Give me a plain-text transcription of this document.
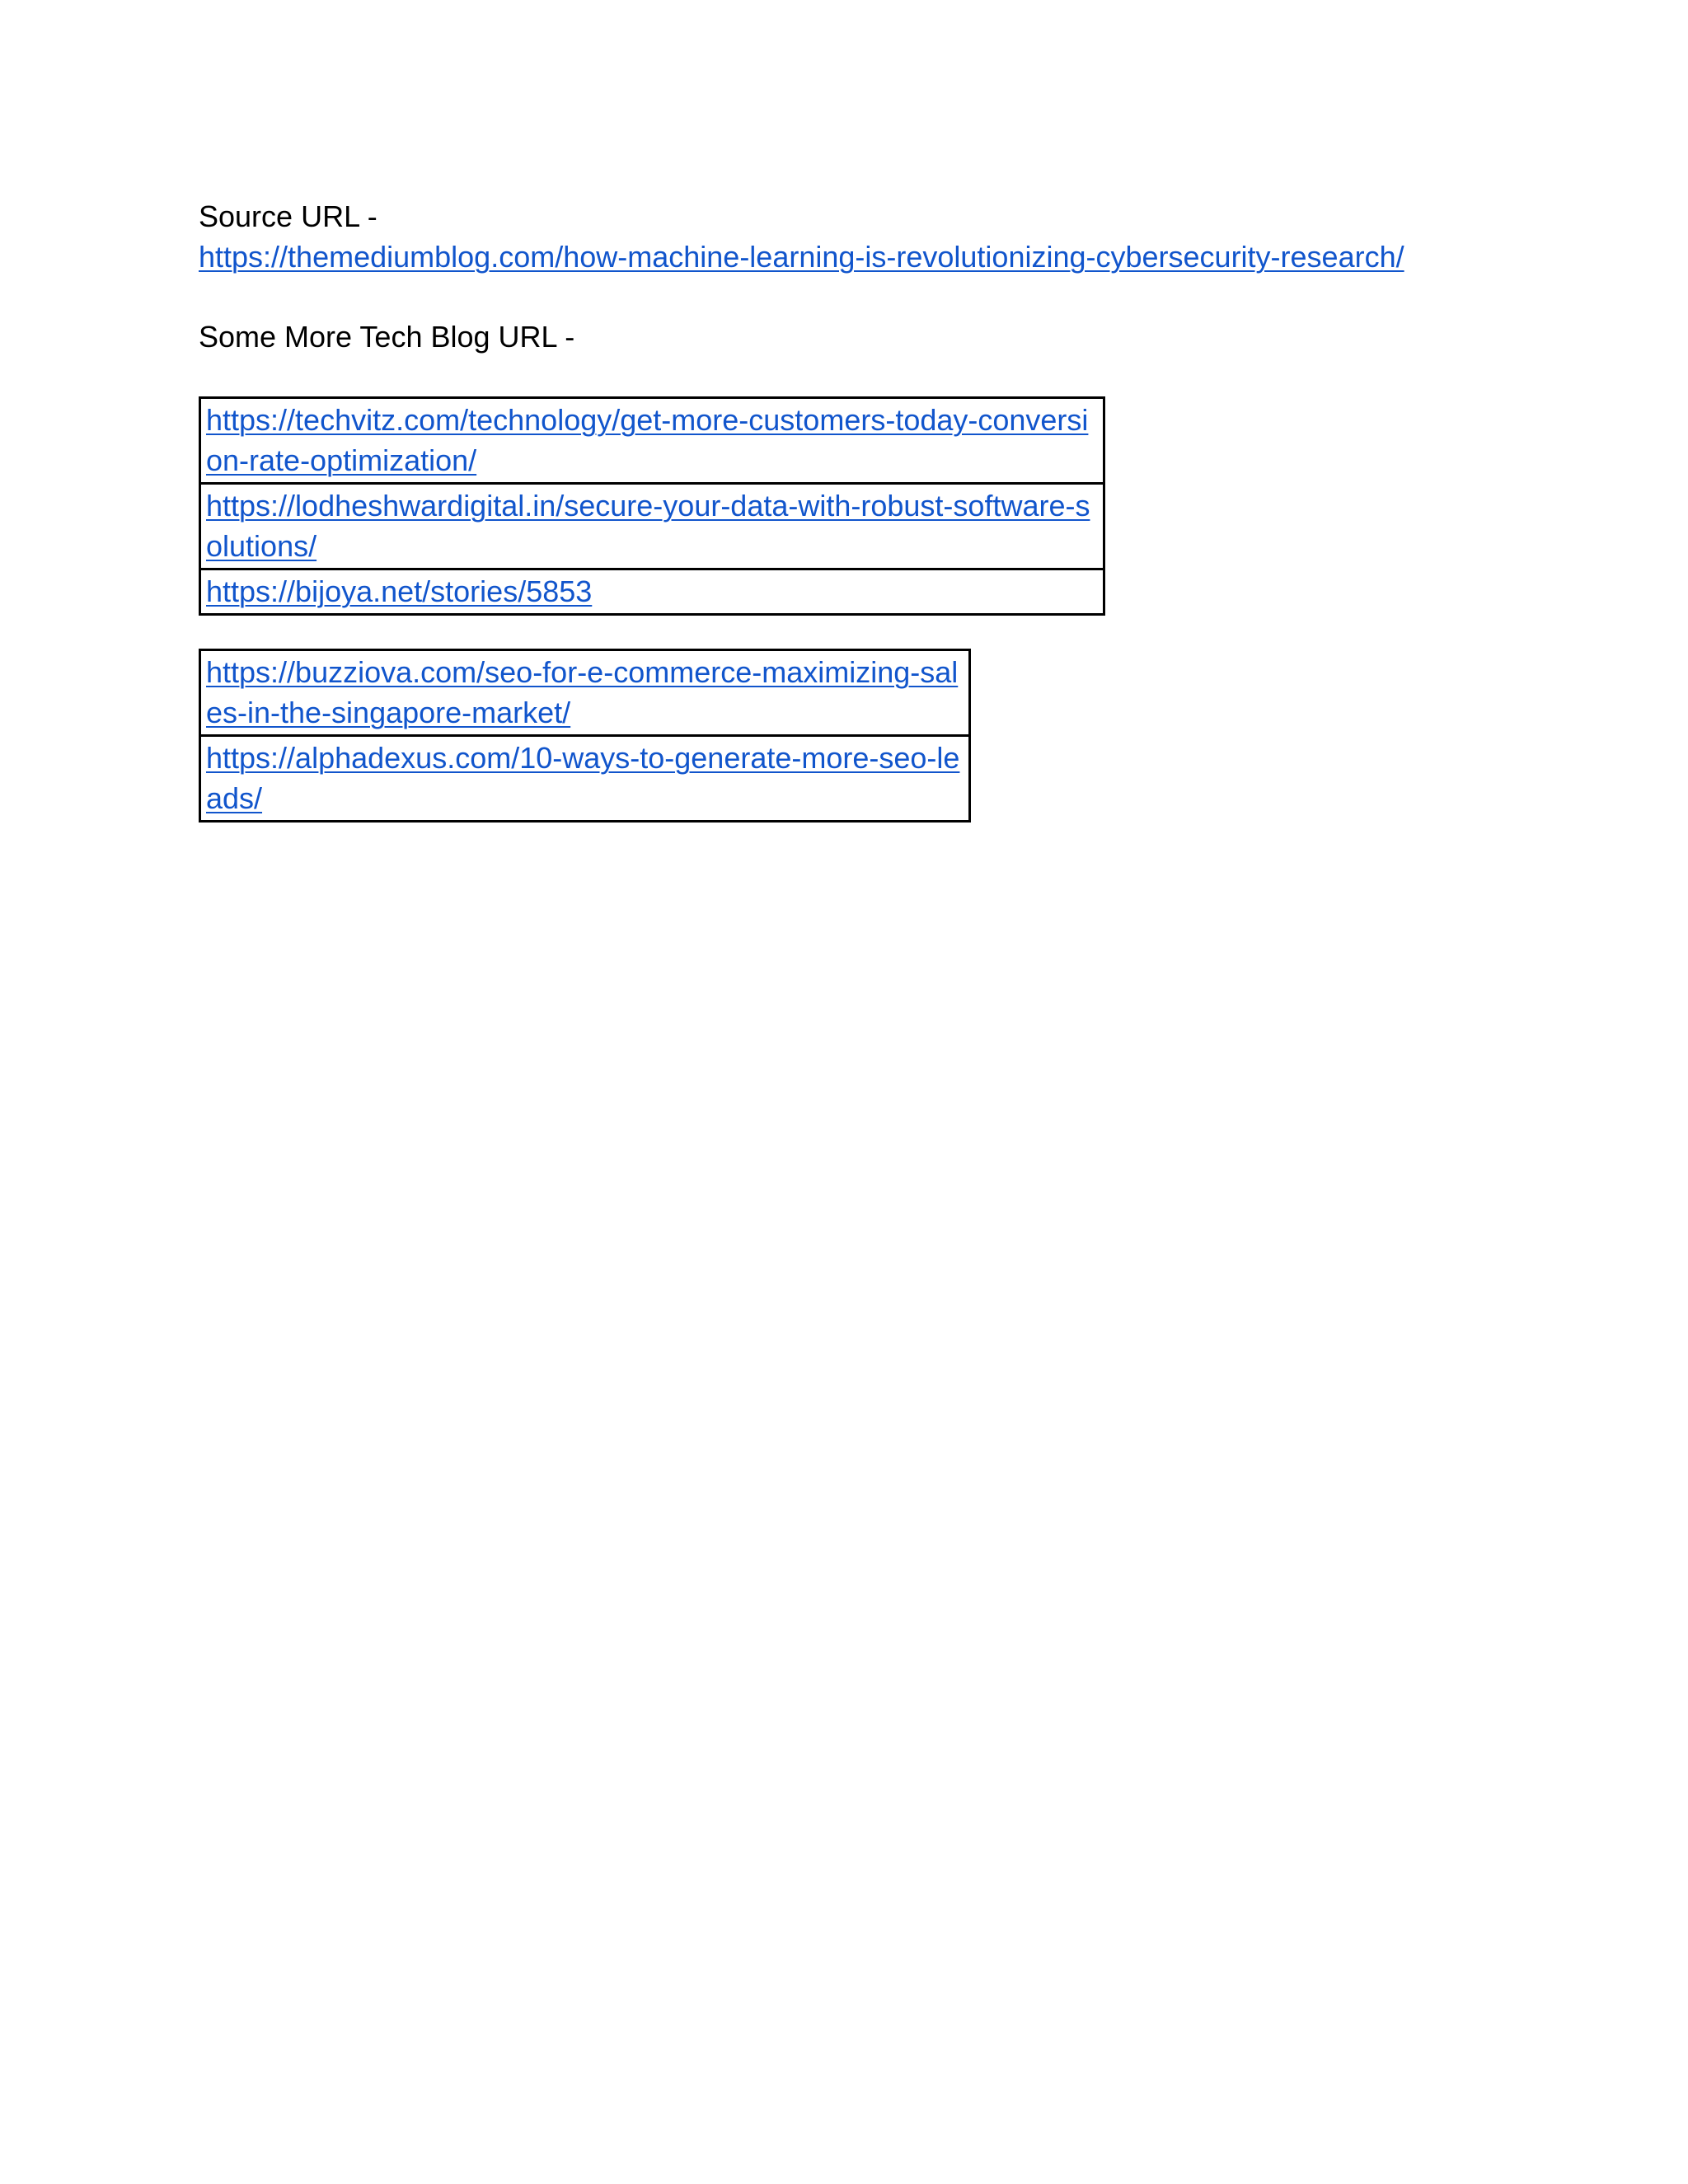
Source URL -

https://themediumblog.com/how-machine-learning-is-revolutionizing-cybersecurity-research/

Some More Tech Blog URL -

https://techvitz.com/technology/get-more-customers-today-conversion-rate-optimization/
https://lodheshwardigital.in/secure-your-data-with-robust-software-solutions/
https://bijoya.net/stories/5853
https://buzziova.com/seo-for-e-commerce-maximizing-sales-in-the-singapore-market/
https://alphadexus.com/10-ways-to-generate-more-seo-leads/
